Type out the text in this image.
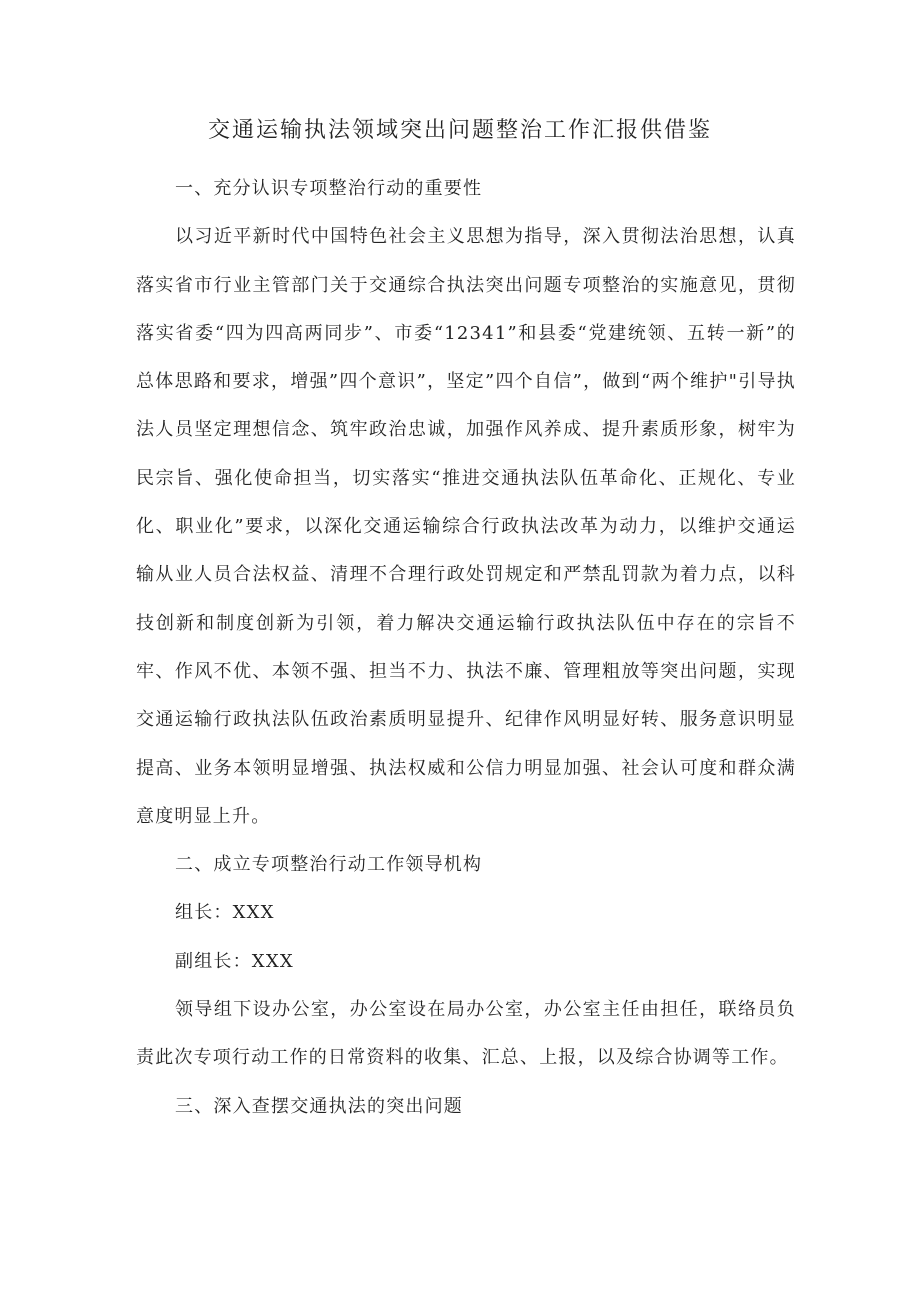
交通运输执法领域突出问题整治工作汇报供借鉴

一、充分认识专项整治行动的重要性

以习近平新时代中国特色社会主义思想为指导，深入贯彻法治思想，认真落实省市行业主管部门关于交通综合执法突出问题专项整治的实施意见，贯彻落实省委“四为四高两同步”、市委“12341”和县委“党建统领、五转一新”的总体思路和要求，增强”四个意识”，坚定”四个自信”，做到“两个维护"引导执法人员坚定理想信念、筑牢政治忠诚，加强作风养成、提升素质形象，树牢为民宗旨、强化使命担当，切实落实“推进交通执法队伍革命化、正规化、专业化、职业化”要求，以深化交通运输综合行政执法改革为动力，以维护交通运输从业人员合法权益、清理不合理行政处罚规定和严禁乱罚款为着力点，以科技创新和制度创新为引领，着力解决交通运输行政执法队伍中存在的宗旨不牢、作风不优、本领不强、担当不力、执法不廉、管理粗放等突出问题，实现交通运输行政执法队伍政治素质明显提升、纪律作风明显好转、服务意识明显提高、业务本领明显增强、执法权威和公信力明显加强、社会认可度和群众满意度明显上升。

二、成立专项整治行动工作领导机构

组长：XXX

副组长：XXX

领导组下设办公室，办公室设在局办公室，办公室主任由担任，联络员负责此次专项行动工作的日常资料的收集、汇总、上报，以及综合协调等工作。

三、深入查摆交通执法的突出问题
